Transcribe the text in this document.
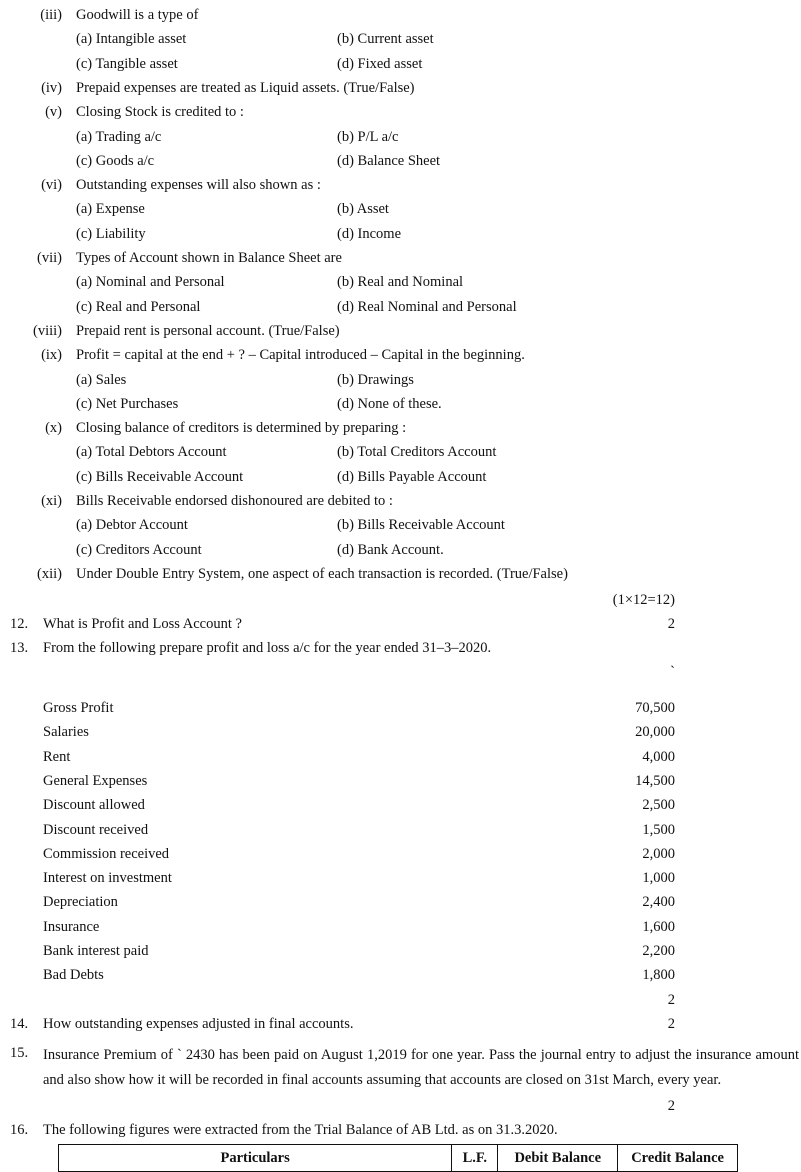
(iii) Goodwill is a type of
(a) Intangible asset	(b) Current asset
(c) Tangible asset	(d) Fixed asset
(iv) Prepaid expenses are treated as Liquid assets. (True/False)
(v) Closing Stock is credited to :
(a) Trading a/c	(b) P/L a/c
(c) Goods a/c	(d) Balance Sheet
(vi) Outstanding expenses will also shown as :
(a) Expense	(b) Asset
(c) Liability	(d) Income
(vii) Types of Account shown in Balance Sheet are
(a) Nominal and Personal	(b) Real and Nominal
(c) Real and Personal	(d) Real Nominal and Personal
(viii) Prepaid rent is personal account. (True/False)
(ix) Profit = capital at the end + ? – Capital introduced – Capital in the beginning.
(a) Sales	(b) Drawings
(c) Net Purchases	(d) None of these.
(x) Closing balance of creditors is determined by preparing :
(a) Total Debtors Account	(b) Total Creditors Account
(c) Bills Receivable Account	(d) Bills Payable Account
(xi) Bills Receivable endorsed dishonoured are debited to :
(a) Debtor Account	(b) Bills Receivable Account
(c) Creditors Account	(d) Bank Account.
(xii) Under Double Entry System, one aspect of each transaction is recorded. (True/False)
12. What is Profit and Loss Account ?	2
13. From the following prepare profit and loss a/c for the year ended 31–3–2020.
`
Gross Profit	70,500
Salaries	20,000
Rent	4,000
General Expenses	14,500
Discount allowed	2,500
Discount received	1,500
Commission received	2,000
Interest on investment	1,000
Depreciation	2,400
Insurance	1,600
Bank interest paid	2,200
Bad Debts	1,800
2
14. How outstanding expenses adjusted in final accounts.	2
15. Insurance Premium of ` 2430 has been paid on August 1,2019 for one year. Pass the journal entry to adjust the insurance amount and also show how it will be recorded in final accounts assuming that accounts are closed on 31st March, every year.
2
16. The following figures were extracted from the Trial Balance of AB Ltd. as on 31.3.2020.
Particulars	L.F.	Debit Balance	Credit Balance
(1×12=12)
